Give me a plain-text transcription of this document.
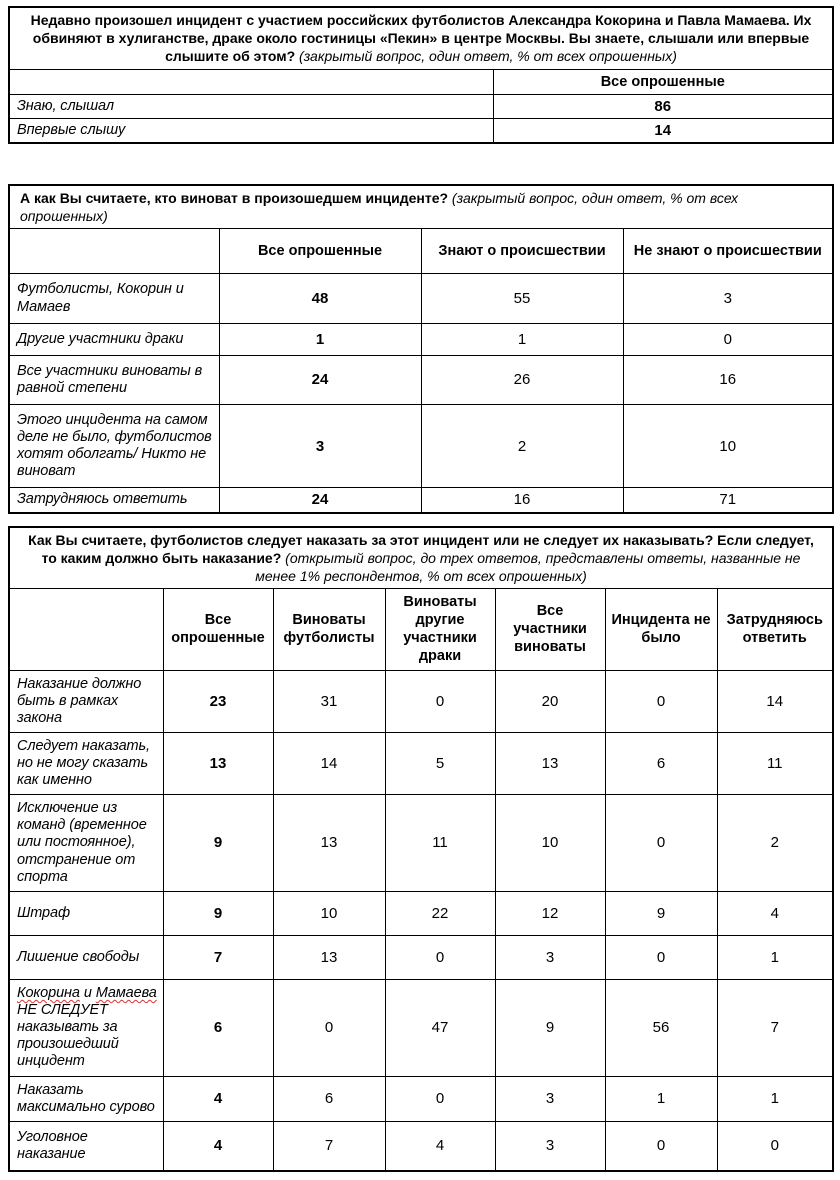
Недавно произошел инцидент с участием российских футболистов Александра Кокорина и Павла Мамаева. Их обвиняют в хулиганстве, драке около гостиницы «Пекин» в центре Москвы. Вы знаете, слышали или впервые слышите об этом? (закрытый вопрос, один ответ, % от всех опрошенных)	
	Все опрошенные
Знаю, слышал	86
Впервые слышу	14
А как Вы считаете, кто виноват в произошедшем инциденте? (закрытый вопрос, один ответ, % от всех опрошенных)			
	Все опрошенные	Знают о происшествии	Не знают о происшествии
Футболисты, Кокорин и Мамаев	48	55	3
Другие участники драки	1	1	0
Все участники виноваты в равной степени	24	26	16
Этого инцидента на самом деле не было, футболистов хотят оболгать/ Никто не виноват	3	2	10
Затрудняюсь ответить	24	16	71
Как Вы считаете, футболистов следует наказать за этот инцидент или не следует их наказывать? Если следует, то каким должно быть наказание? (открытый вопрос, до трех ответов, представлены ответы, названные не менее 1% респондентов, % от всех опрошенных)						
	Все опрошенные	Виноваты футболисты	Виноваты другие участники драки	Все участники виноваты	Инцидента не было	Затрудняюсь ответить
Наказание должно быть в рамках закона	23	31	0	20	0	14
Следует наказать, но не могу сказать как именно	13	14	5	13	6	11
Исключение из команд (временное или постоянное), отстранение от спорта	9	13	11	10	0	2
Штраф	9	10	22	12	9	4
Лишение свободы	7	13	0	3	0	1
Кокорина и Мамаева НЕ СЛЕДУЕТ наказывать за произошедший инцидент	6	0	47	9	56	7
Наказать максимально сурово	4	6	0	3	1	1
Уголовное наказание	4	7	4	3	0	0
